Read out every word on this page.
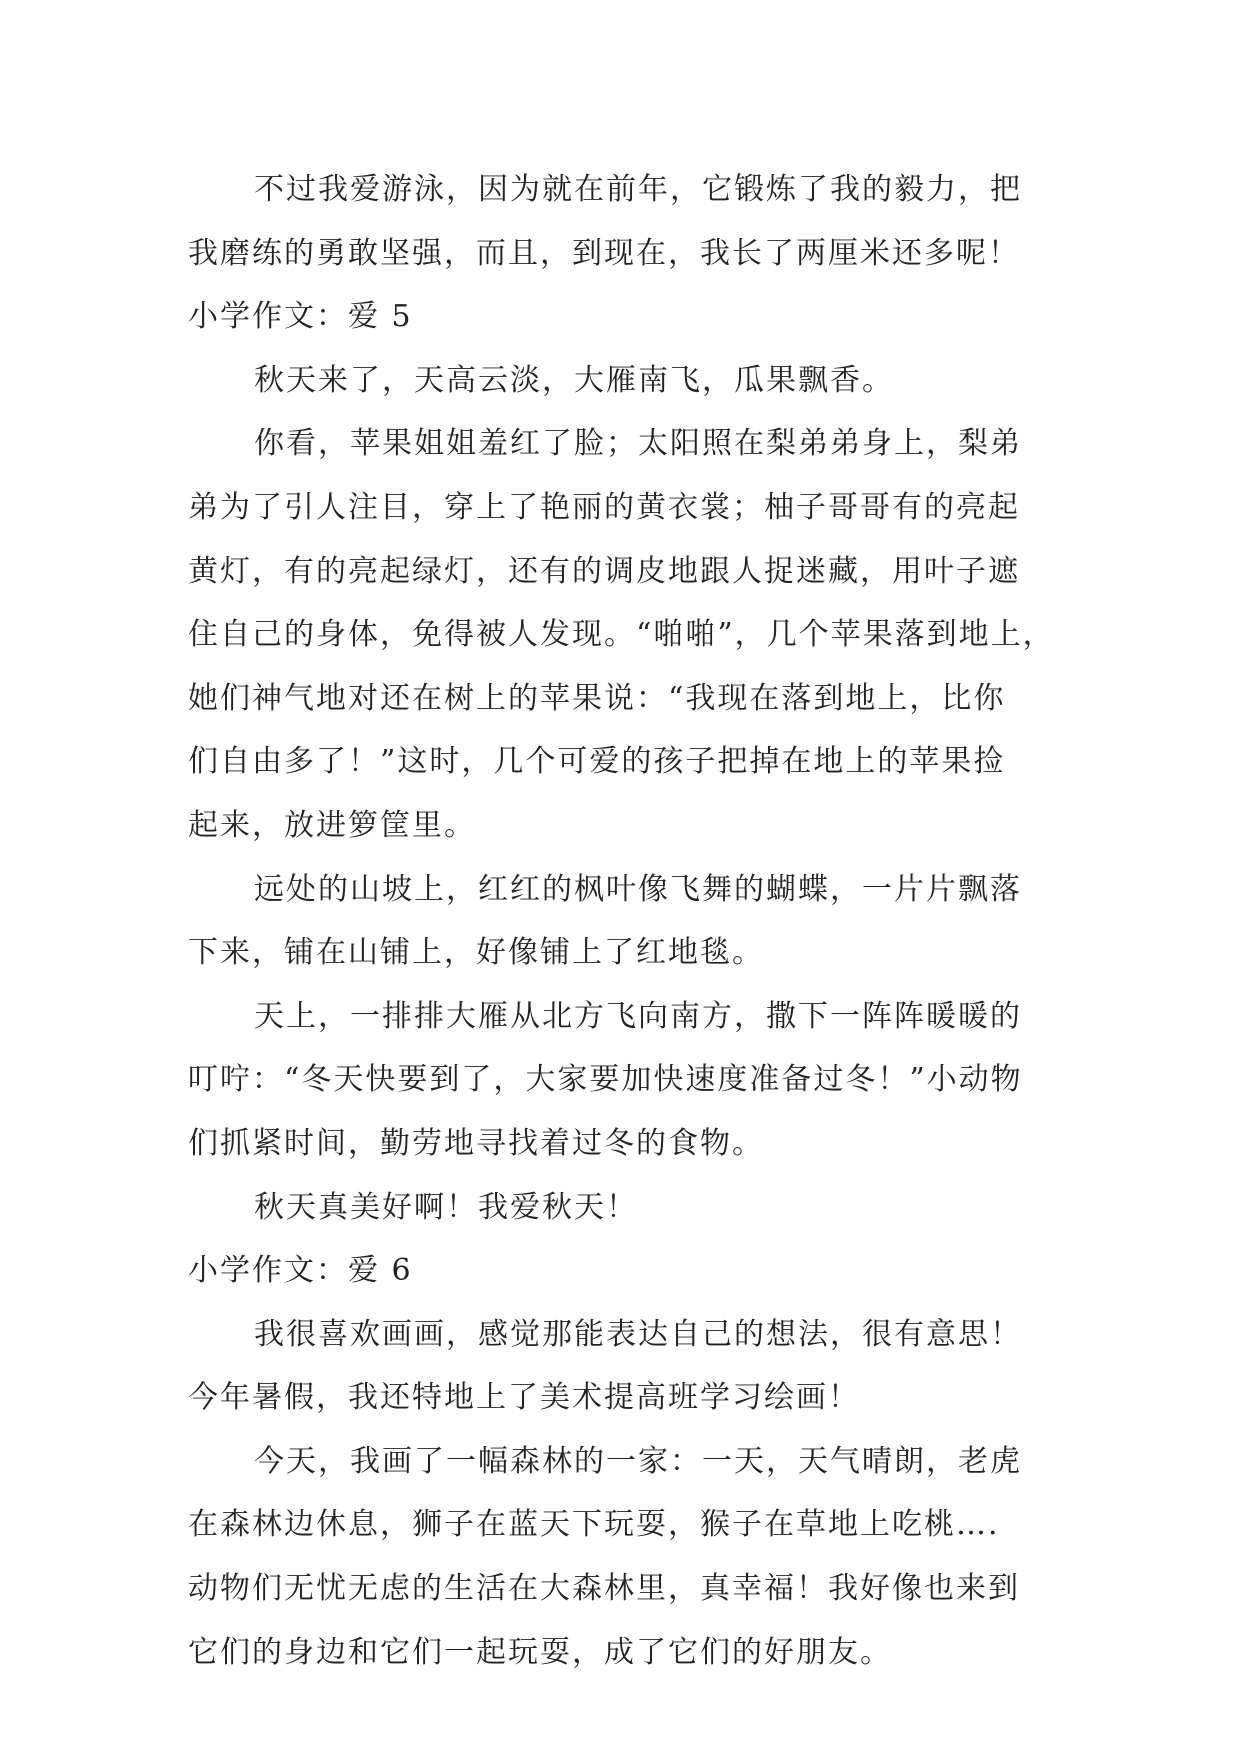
不过我爱游泳，因为就在前年，它锻炼了我的毅力，把

我磨练的勇敢坚强，而且，到现在，我长了两厘米还多呢！

小学作文：爱 5

秋天来了，天高云淡，大雁南飞，瓜果飘香。

你看，苹果姐姐羞红了脸；太阳照在梨弟弟身上，梨弟

弟为了引人注目，穿上了艳丽的黄衣裳；柚子哥哥有的亮起

黄灯，有的亮起绿灯，还有的调皮地跟人捉迷藏，用叶子遮

住自己的身体，免得被人发现。“啪啪”，几个苹果落到地上，

她们神气地对还在树上的苹果说：“我现在落到地上，比你

们自由多了！”这时，几个可爱的孩子把掉在地上的苹果捡

起来，放进箩筐里。

远处的山坡上，红红的枫叶像飞舞的蝴蝶，一片片飘落

下来，铺在山铺上，好像铺上了红地毯。

天上，一排排大雁从北方飞向南方，撒下一阵阵暖暖的

叮咛：“冬天快要到了，大家要加快速度准备过冬！”小动物

们抓紧时间，勤劳地寻找着过冬的食物。

秋天真美好啊！我爱秋天！

小学作文：爱 6

我很喜欢画画，感觉那能表达自己的想法，很有意思！

今年暑假，我还特地上了美术提高班学习绘画！

今天，我画了一幅森林的一家：一天，天气晴朗，老虎

在森林边休息，狮子在蓝天下玩耍，猴子在草地上吃桃….

动物们无忧无虑的生活在大森林里，真幸福！我好像也来到

它们的身边和它们一起玩耍，成了它们的好朋友。
